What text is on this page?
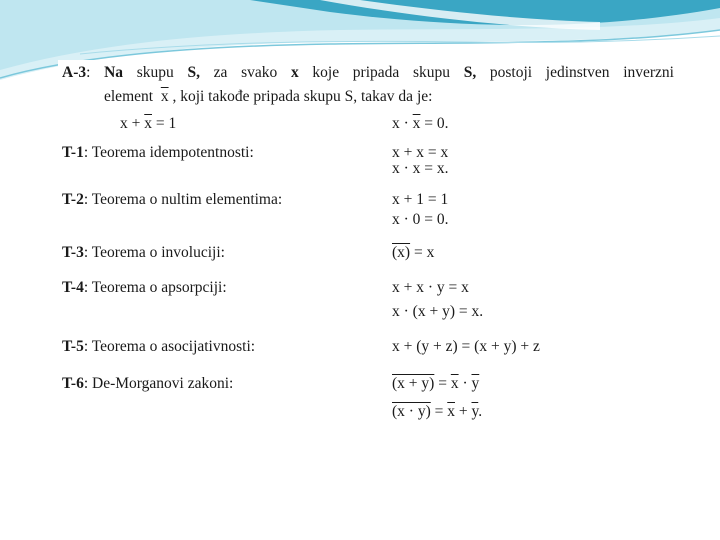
A-3: Na skupu S, za svako x koje pripada skupu S, postoji jedinstven inverzni
element $\overline{x}$ , koji takođe pripada skupu S, takav da je:
$x + \overline{x} = 1$	$x \cdot \overline{x} = 0$.
T-1: Teorema idempotentnosti:	x + x = x
x · x = x.
T-2: Teorema o nultim elementima:	x + 1 = 1
x · 0 = 0.
T-3: Teorema o involuciji:	(x) = x
T-4: Teorema o apsorpciji:	x + x · y = x
x · (x + y) = x.
T-5: Teorema o asocijativnosti:	x + (y + z) = (x + y) + z
T-6: De-Morganovi zakoni:	$(x + y) = \overline{x} \cdot \overline{y}$
$(x \cdot y) = \overline{x} + \overline{y}$.
